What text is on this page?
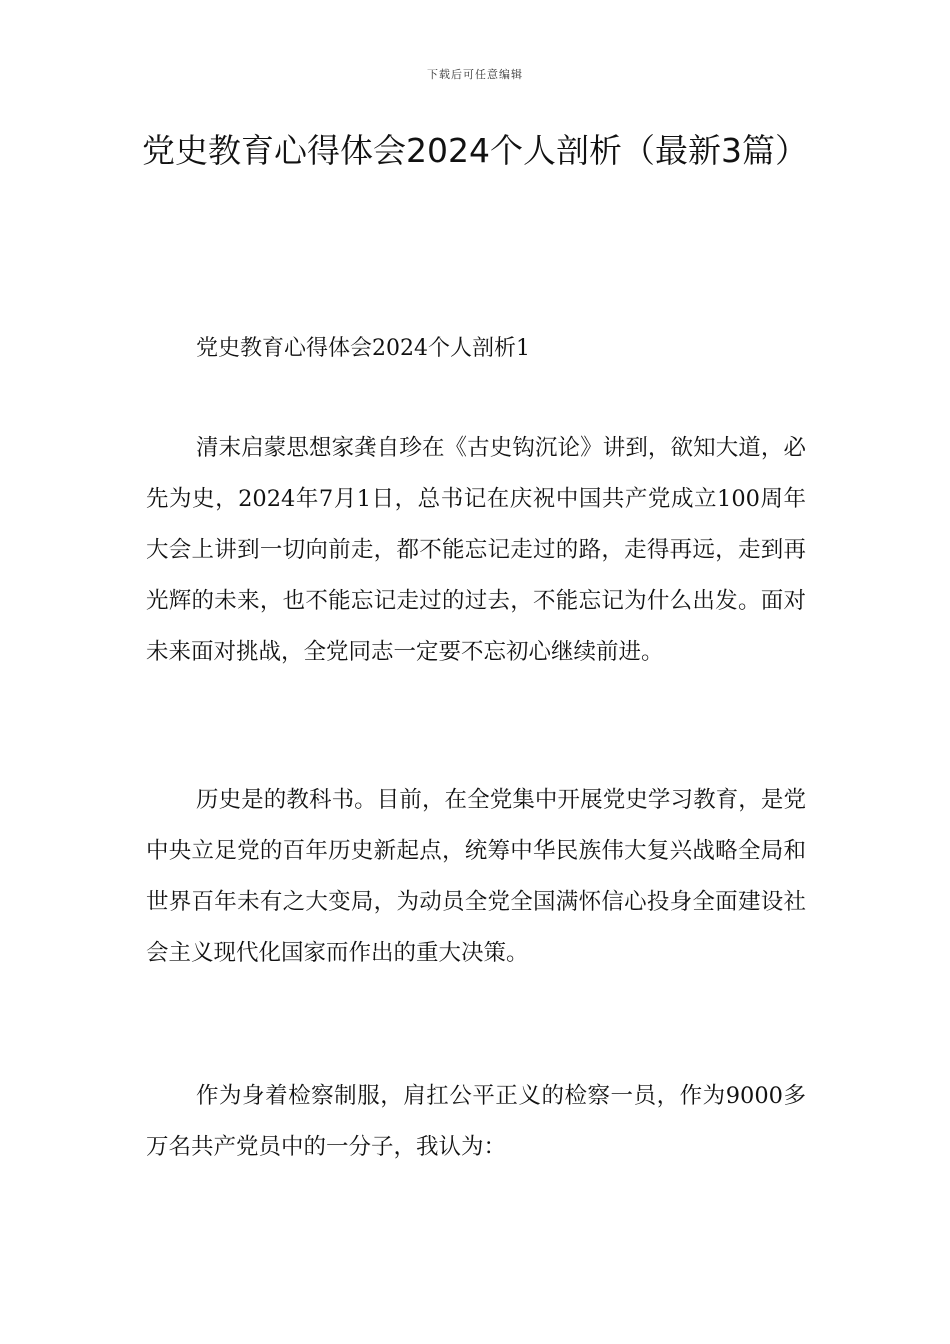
下载后可任意编辑
党史教育心得体会2024个人剖析（最新3篇）

党史教育心得体会2024个人剖析1

清末启蒙思想家龚自珍在《古史钩沉论》讲到，欲知大道，必先为史，2024年7月1日，总书记在庆祝中国共产党成立100周年大会上讲到一切向前走，都不能忘记走过的路，走得再远，走到再光辉的未来，也不能忘记走过的过去，不能忘记为什么出发。面对未来面对挑战，全党同志一定要不忘初心继续前进。

历史是的教科书。目前，在全党集中开展党史学习教育，是党中央立足党的百年历史新起点，统筹中华民族伟大复兴战略全局和世界百年未有之大变局，为动员全党全国满怀信心投身全面建设社会主义现代化国家而作出的重大决策。

作为身着检察制服，肩扛公平正义的检察一员，作为9000多万名共产党员中的一分子，我认为：
